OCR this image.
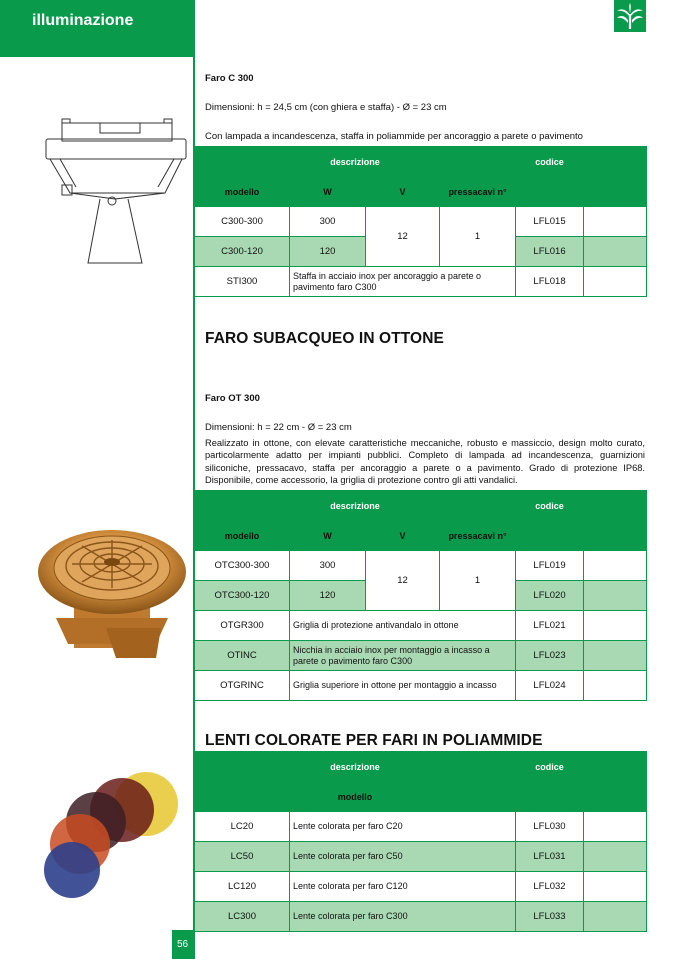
illuminazione
56
Faro C 300
Dimensioni: h = 24,5 cm (con ghiera e staffa) - Ø = 23 cm
Con lampada a incandescenza, staffa in poliammide per ancoraggio a parete o pavimento
descrizione				codice	
modello	W	V	pressacavi n°		
C300-300	300	12	1	LFL015	
C300-120	120			LFL016	
STI300	Staffa in acciaio inox per ancoraggio a parete o pavimento faro C300			LFL018	
FARO SUBACQUEO IN OTTONE
Faro OT 300
Dimensioni: h = 22 cm - Ø = 23 cm
Realizzato in ottone, con elevate caratteristiche meccaniche, robusto e massiccio, design molto curato, particolarmente adatto per impianti pubblici. Completo di lampada ad incandescenza, guarnizioni siliconiche, pressacavo, staffa per ancoraggio a parete o a pavimento. Grado di protezione IP68. Disponibile, come accessorio, la griglia di protezione contro gli atti vandalici.
descrizione				codice	
modello	W	V	pressacavi n°		
OTC300-300	300	12	1	LFL019	
OTC300-120	120			LFL020	
OTGR300	Griglia di protezione antivandalo in ottone			LFL021	
OTINC	Nicchia in acciaio inox per montaggio a incasso a parete o pavimento faro C300			LFL023	
OTGRINC	Griglia superiore in ottone per montaggio a incasso			LFL024	
LENTI COLORATE PER FARI IN POLIAMMIDE
descrizione		codice	
modello			
LC20	Lente colorata per faro C20	LFL030	
LC50	Lente colorata per faro C50	LFL031	
LC120	Lente colorata per faro C120	LFL032	
LC300	Lente colorata per faro C300	LFL033	
